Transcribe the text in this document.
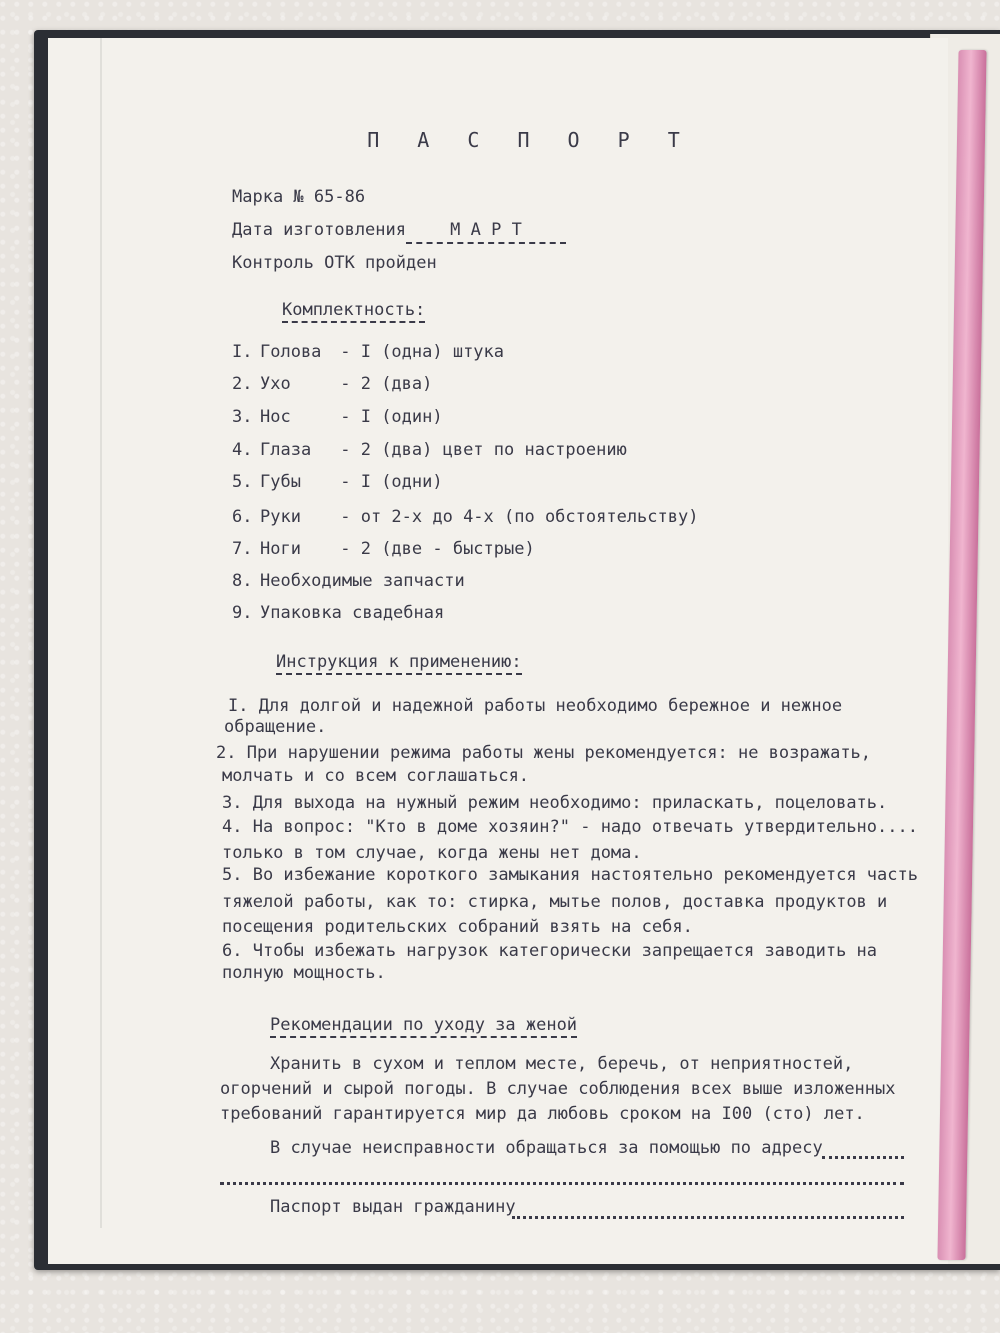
П А С П О Р Т
Марка № 65-86
Дата изготовления	М А Р Т
Контроль ОТК пройден
Комплектность:
I. Голова - I (одна) штука
2. Ухо	- 2 (два)
3. Нос	- I (один)
4. Глаза - 2 (два) цвет по настроению
5. Губы - I (одни)
6. Руки - от 2-х до 4-х (по обстоятельству)
7. Ноги - 2 (две - быстрые)
8. Необходимые запчасти
9. Упаковка свадебная
Инструкция к применению:
I. Для долгой и надежной работы необходимо бережное и нежное
обращение.
2. При нарушении режима работы жены рекомендуется: не возражать,
молчать и со всем соглашаться.
3. Для выхода на нужный режим необходимо: приласкать, поцеловать.
4. На вопрос: "Кто в доме хозяин?" - надо отвечать утвердительно....
только в том случае, когда жены нет дома.
5. Во избежание короткого замыкания настоятельно рекомендуется часть
тяжелой работы, как то: стирка, мытье полов, доставка продуктов и
посещения родительских собраний взять на себя.
6. Чтобы избежать нагрузок категорически запрещается заводить на
полную мощность.
Рекомендации по уходу за женой
Хранить в сухом и теплом месте, беречь, от неприятностей,
огорчений и сырой погоды. В случае соблюдения всех выше изложенных
требований гарантируется мир да любовь сроком на I00 (сто) лет.
В случае неисправности обращаться за помощью по адресу
Паспорт выдан гражданину
